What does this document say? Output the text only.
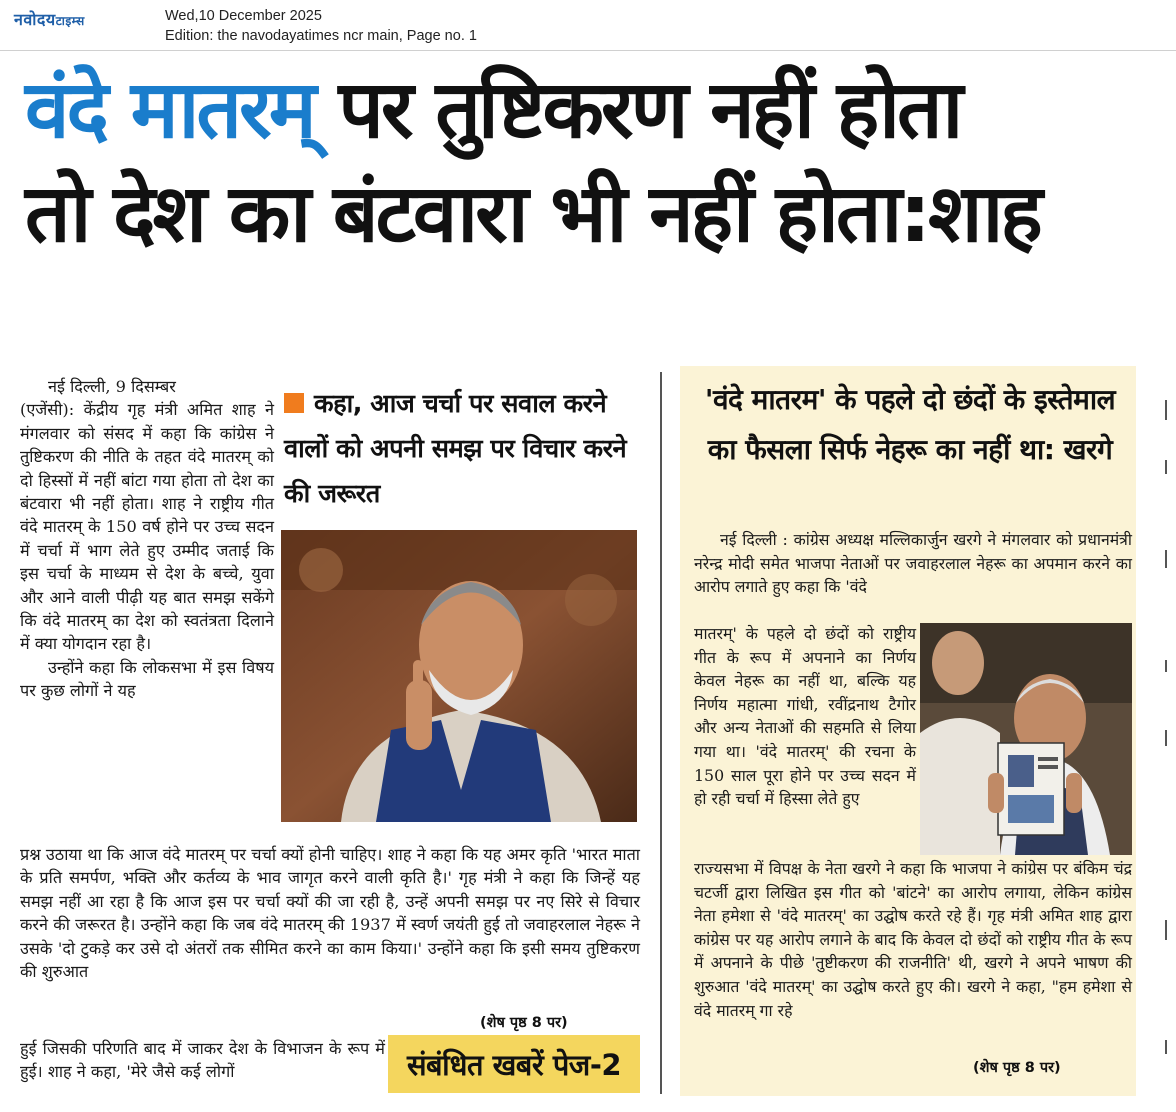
नवोदयटाइम्स	Wed,10 December 2025
Edition: the navodayatimes ncr main, Page no. 1
वंदे मातरम् पर तुष्टिकरण नहीं होता
तो देश का बंटवारा भी नहीं होता:शाह
नई दिल्ली, 9 दिसम्बर
(एजेंसी): केंद्रीय गृह मंत्री अमित शाह ने मंगलवार को संसद में कहा कि कांग्रेस ने तुष्टिकरण की नीति के तहत वंदे मातरम् को दो हिस्सों में नहीं बांटा गया होता तो देश का बंटवारा भी नहीं होता। शाह ने राष्ट्रीय गीत वंदे मातरम् के 150 वर्ष होने पर उच्च सदन में चर्चा में भाग लेते हुए उम्मीद जताई कि इस चर्चा के माध्यम से देश के बच्चे, युवा और आने वाली पीढ़ी यह बात समझ सकेंगे कि वंदे मातरम् का देश को स्वतंत्रता दिलाने में क्या योगदान रहा है।
उन्होंने कहा कि लोकसभा में इस विषय पर कुछ लोगों ने यह
कहा, आज चर्चा पर सवाल करने वालों को अपनी समझ पर विचार करने की जरूरत
प्रश्न उठाया था कि आज वंदे मातरम् पर चर्चा क्यों होनी चाहिए। शाह ने कहा कि यह अमर कृति 'भारत माता के प्रति समर्पण, भक्ति और कर्तव्य के भाव जागृत करने वाली कृति है।' गृह मंत्री ने कहा कि जिन्हें यह समझ नहीं आ रहा है कि आज इस पर चर्चा क्यों की जा रही है, उन्हें अपनी समझ पर नए सिरे से विचार करने की जरूरत है। उन्होंने कहा कि जब वंदे मातरम् की 1937 में स्वर्ण जयंती हुई तो जवाहरलाल नेहरू ने उसके 'दो टुकड़े कर उसे दो अंतरों तक सीमित करने का काम किया।' उन्होंने कहा कि इसी समय तुष्टिकरण की शुरुआत
(शेष पृष्ठ 8 पर)
हुई जिसकी परिणति बाद में जाकर देश के विभाजन के रूप में हुई। शाह ने कहा, 'मेरे जैसे कई लोगों	संबंधित खबरें पेज-2
'वंदे मातरम' के पहले दो छंदों के इस्तेमाल का फैसला सिर्फ नेहरू का नहीं था: खरगे
नई दिल्ली : कांग्रेस अध्यक्ष मल्लिकार्जुन खरगे ने मंगलवार को प्रधानमंत्री नरेन्द्र मोदी समेत भाजपा नेताओं पर जवाहरलाल नेहरू का अपमान करने का आरोप लगाते हुए कहा कि 'वंदे
मातरम्' के पहले दो छंदों को राष्ट्रीय गीत के रूप में अपनाने का निर्णय केवल नेहरू का नहीं था, बल्कि यह निर्णय महात्मा गांधी, रवींद्रनाथ टैगोर और अन्य नेताओं की सहमति से लिया गया था। 'वंदे मातरम्' की रचना के 150 साल पूरा होने पर उच्च सदन में हो रही चर्चा में हिस्सा लेते हुए
राज्यसभा में विपक्ष के नेता खरगे ने कहा कि भाजपा ने कांग्रेस पर बंकिम चंद्र चटर्जी द्वारा लिखित इस गीत को 'बांटने' का आरोप लगाया, लेकिन कांग्रेस नेता हमेशा से 'वंदे मातरम्' का उद्घोष करते रहे हैं। गृह मंत्री अमित शाह द्वारा कांग्रेस पर यह आरोप लगाने के बाद कि केवल दो छंदों को राष्ट्रीय गीत के रूप में अपनाने के पीछे 'तुष्टीकरण की राजनीति' थी, खरगे ने अपने भाषण की शुरुआत 'वंदे मातरम्' का उद्घोष करते हुए की। खरगे ने कहा, "हम हमेशा से वंदे मातरम् गा रहे
(शेष पृष्ठ 8 पर)
